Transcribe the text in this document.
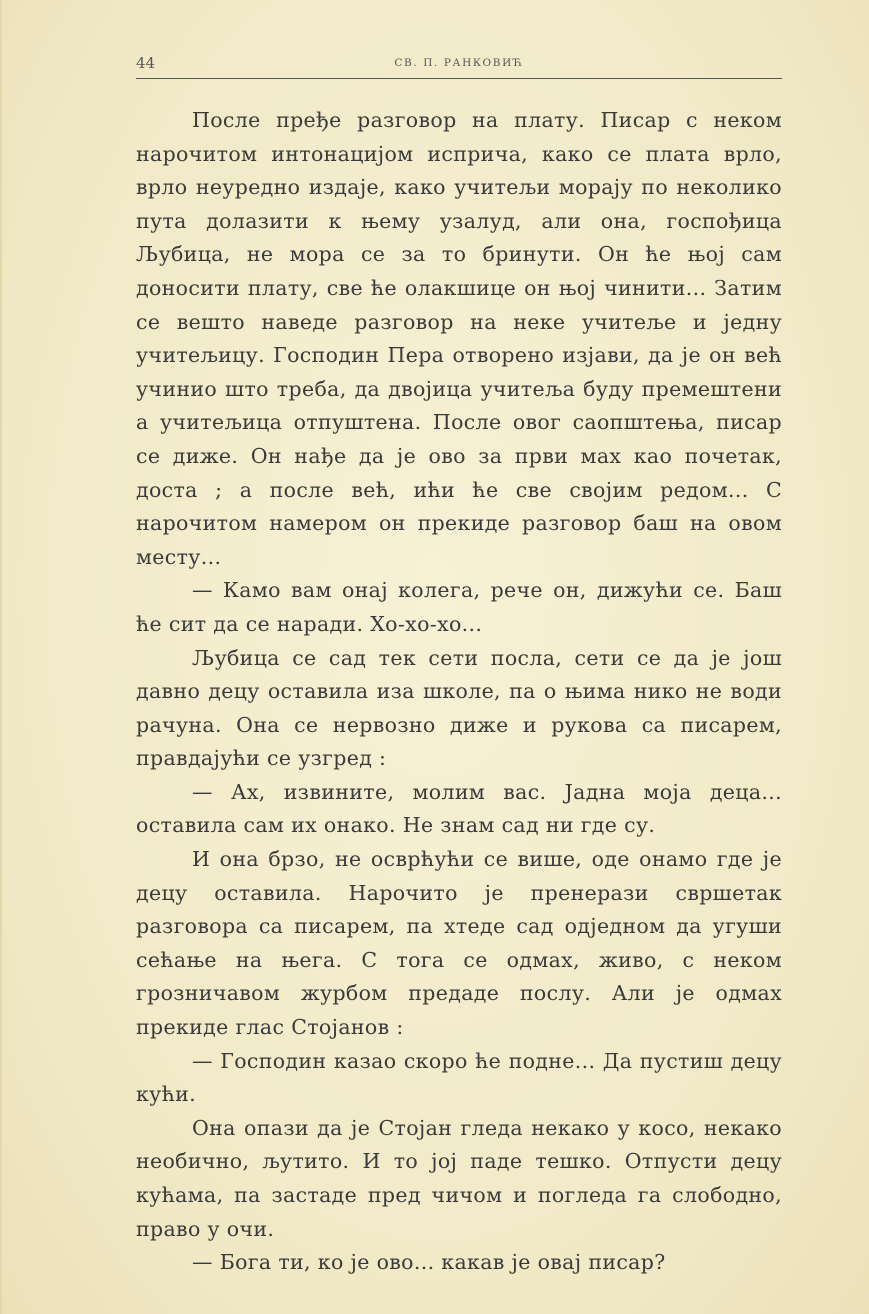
44	СВ. П. РАНКОВИЋ

После пређе разговор на плату. Писар с неком нарочитом интонацијом исприча, како се плата врло, врло неуредно издаје, како учитељи морају по неколико пута долазити к њему узалуд, али она, госпођица Љубица, не мора се за то бринути. Он ће њој сам доносити плату, све ће олакшице он њој чинити... Затим се вешто наведе разговор на неке учитеље и једну учитељицу. Господин Пера отворено изјави, да је он већ учинио што треба, да двојица учитеља буду премештени а учитељица отпуштена. После овог саопштења, писар се диже. Он нађе да је ово за први мах као почетак, доста ; а после већ, ићи ће све својим редом... С нарочитом намером он прекиде разговор баш на овом месту...

— Камо вам онај колега, рече он, дижући се. Баш ће сит да се наради. Хо-хо-хо...

Љубица се сад тек сети посла, сети се да је још давно децу оставила иза школе, па о њима нико не води рачуна. Она се нервозно диже и рукова са писарем, правдајући се узгред :

— Ах, извините, молим вас. Јадна моја деца... оставила сам их онако. Не знам сад ни где су.

И она брзо, не осврћући се више, оде онамо где је децу оставила. Нарочито је пренерази свршетак разговора са писарем, па хтеде сад одједном да угуши сећање на њега. С тога се одмах, живо, с неком грозничавом журбом предаде послу. Али је одмах прекиде глас Стојанов :

— Господин казао скоро ће подне... Да пустиш децу кући.

Она опази да је Стојан гледа некако у косо, некако необично, љутито. И то јој паде тешко. Отпусти децу кућама, па застаде пред чичом и погледа га слободно, право у очи.

— Бога ти, ко је ово... какав је овај писар?
